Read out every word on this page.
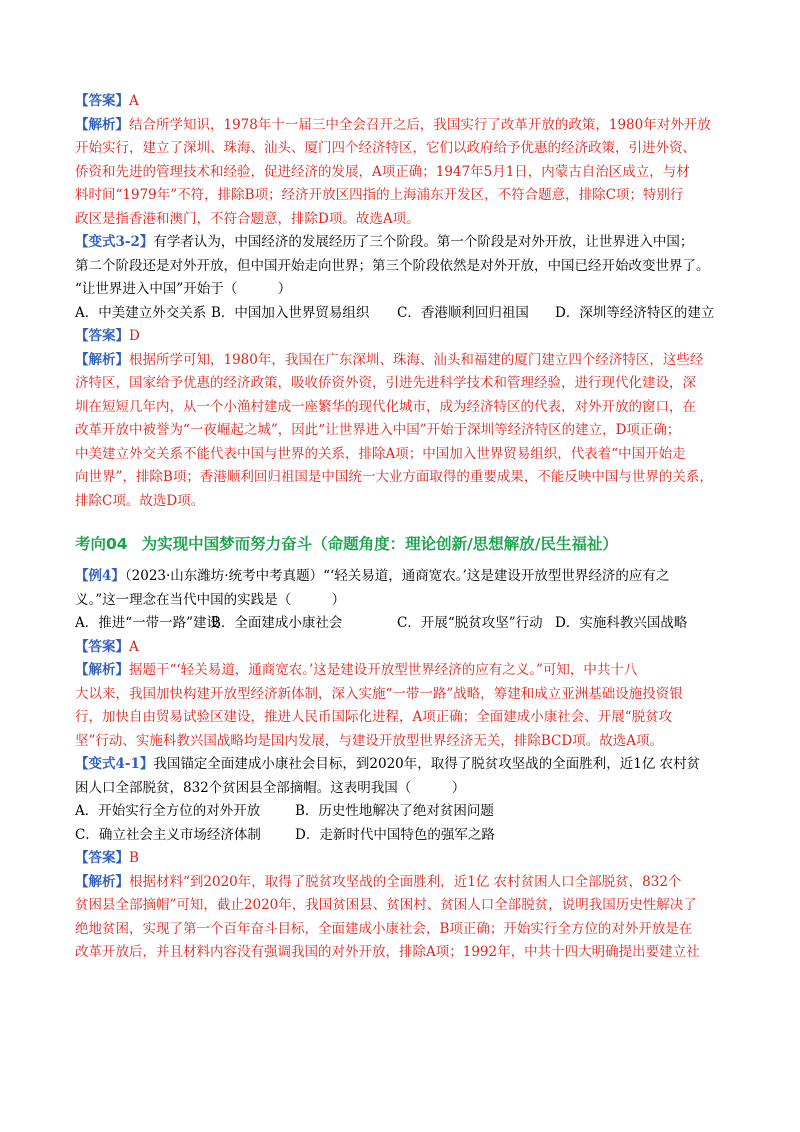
【答案】A
【解析】结合所学知识，1978年十一届三中全会召开之后，我国实行了改革开放的政策，1980年对外开放
开始实行，建立了深圳、珠海、汕头、厦门四个经济特区，它们以政府给予优惠的经济政策，引进外资、
侨资和先进的管理技术和经验，促进经济的发展，A项正确；1947年5月1日，内蒙古自治区成立，与材
料时间“1979年”不符，排除B项；经济开放区四指的上海浦东开发区，不符合题意，排除C项；特别行
政区是指香港和澳门，不符合题意，排除D项。故选A项。
【变式3-2】有学者认为，中国经济的发展经历了三个阶段。第一个阶段是对外开放，让世界进入中国；
第二个阶段还是对外开放，但中国开始走向世界；第三个阶段依然是对外开放，中国已经开始改变世界了。
“让世界进入中国”开始于（　　　）
A．中美建立外交关系 B．中国加入世界贸易组织 C．香港顺利回归祖国 D．深圳等经济特区的建立
【答案】D
【解析】根据所学可知，1980年，我国在广东深圳、珠海、汕头和福建的厦门建立四个经济特区，这些经
济特区，国家给予优惠的经济政策，吸收侨资外资，引进先进科学技术和管理经验，进行现代化建设，深
圳在短短几年内，从一个小渔村建成一座繁华的现代化城市，成为经济特区的代表，对外开放的窗口，在
改革开放中被誉为“一夜崛起之城”，因此“让世界进入中国”开始于深圳等经济特区的建立，D项正确；
中美建立外交关系不能代表中国与世界的关系，排除A项；中国加入世界贸易组织，代表着“中国开始走
向世界”，排除B项；香港顺利回归祖国是中国统一大业方面取得的重要成果，不能反映中国与世界的关系，
排除C项。故选D项。
考向04 为实现中国梦而努力奋斗（命题角度：理论创新/思想解放/民生福祉）
【例4】（2023·山东潍坊·统考中考真题）“‘轻关易道，通商宽农。’这是建设开放型世界经济的应有之
义。”这一理念在当代中国的实践是（　　　）
A．推进“一带一路”建设
B．全面建成小康社会	C．开展“脱贫攻坚”行动 D．实施科教兴国战略
【答案】A
【解析】据题干“‘轻关易道，通商宽农。’这是建设开放型世界经济的应有之义。”可知，中共十八
大以来，我国加快构建开放型经济新体制，深入实施“一带一路”战略，筹建和成立亚洲基础设施投资银
行，加快自由贸易试验区建设，推进人民币国际化进程，A项正确；全面建成小康社会、开展“脱贫攻
坚”行动、实施科教兴国战略均是国内发展，与建设开放型世界经济无关，排除BCD项。故选A项。
【变式4-1】我国锚定全面建成小康社会目标，到2020年，取得了脱贫攻坚战的全面胜利，近1亿 农村贫
困人口全部脱贫，832个贫困县全部摘帽。这表明我国（　　　）
A．开始实行全方位的对外开放	B．历史性地解决了绝对贫困问题
C．确立社会主义市场经济体制	D．走新时代中国特色的强军之路
【答案】B
【解析】根据材料“到2020年，取得了脱贫攻坚战的全面胜利，近1亿 农村贫困人口全部脱贫，832个
贫困县全部摘帽”可知，截止2020年，我国贫困县、贫困村、贫困人口全部脱贫，说明我国历史性解决了
绝地贫困，实现了第一个百年奋斗目标，全面建成小康社会，B项正确；开始实行全方位的对外开放是在
改革开放后，并且材料内容没有强调我国的对外开放，排除A项；1992年，中共十四大明确提出要建立社
